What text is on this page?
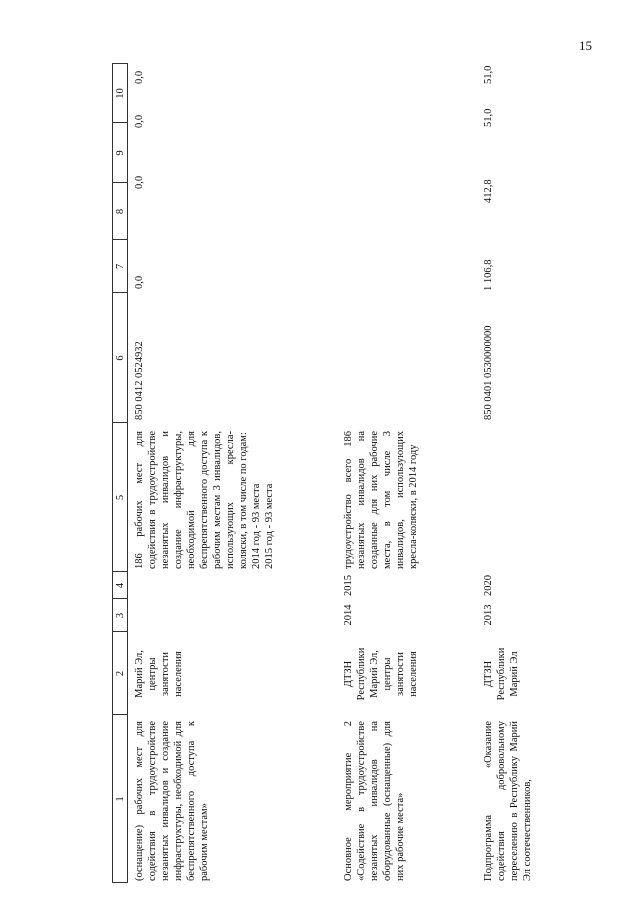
15
1
2
3
4
5
6
7
8
9
10
(оснащение) рабочих мест для содействия в трудоустройстве незанятых инвалидов и создание инфраструктуры, необходимой для беспрепятственного доступа к рабочим местам»
Марий Эл, центры занятости населения
186 рабочих мест для содействия в трудоустройстве незанятых инвалидов и создание инфраструктуры, необходимой для беспрепятственного доступа к рабочим местам 3 инвалидов, использующих кресла-коляски, в том числе по годам: 2014 год - 93 места 2015 год - 93 места
850 0412 0524932
0,0
0,0
0,0
0,0
Основное мероприятие 2 «Содействие в трудоустройстве незанятых инвалидов на оборудованные (оснащенные) для них рабочие места»
ДТЗН Республики Марий Эл, центры занятости населения
2014
2015
трудоустройство всего 186 незанятых инвалидов на созданные для них рабочие места, в том числе 3 инвалидов, использующих кресла-коляски, в 2014 году
Подпрограмма «Оказание содействия добровольному переселению в Республику Марий Эл соотечественников,
ДТЗН Республики Марий Эл
2013
2020
850 0401 0530000000
1 106,8
412,8
51,0
51,0
